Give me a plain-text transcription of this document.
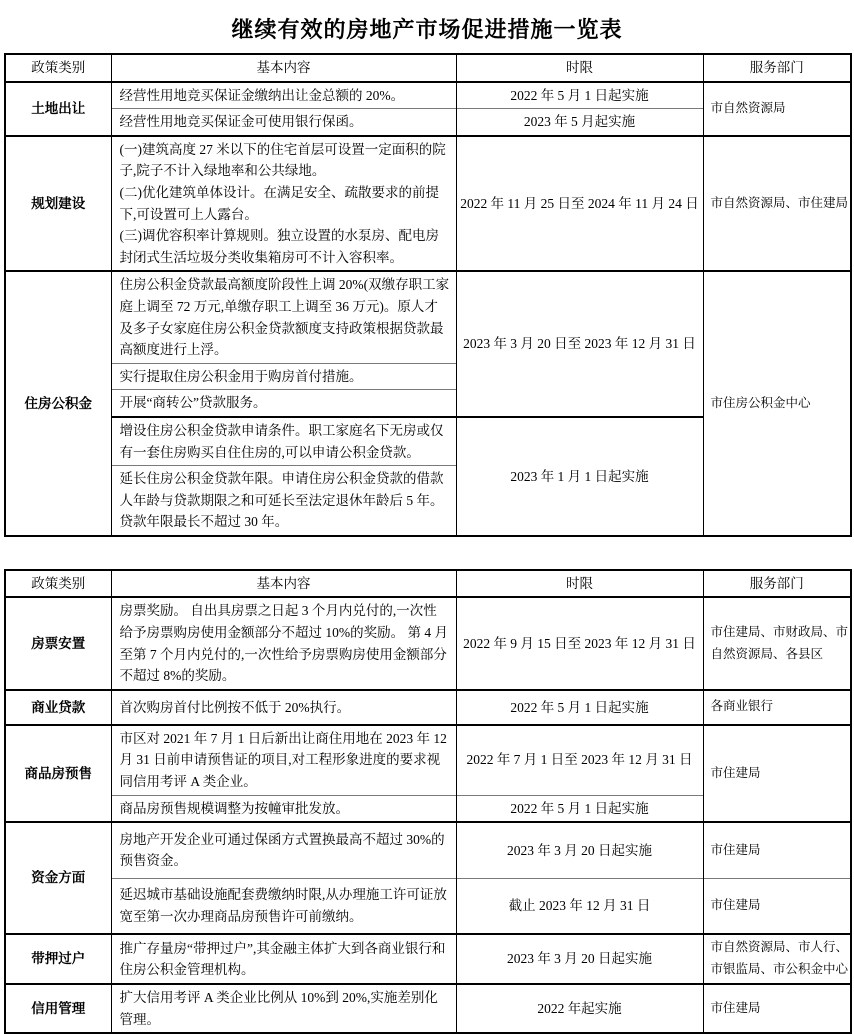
继续有效的房地产市场促进措施一览表
政策类别	基本内容	时限	服务部门
土地出让	经营性用地竞买保证金缴纳出让金总额的 20%。	2022 年 5 月 1 日起实施	市自然资源局
	经营性用地竞买保证金可使用银行保函。	2023 年 5 月起实施	
规划建设	(一)建筑高度 27 米以下的住宅首层可设置一定面积的院子,院子不计入绿地率和公共绿地。
(二)优化建筑单体设计。在满足安全、疏散要求的前提下,可设置可上人露台。
(三)调优容积率计算规则。独立设置的水泵房、配电房封闭式生活垃圾分类收集箱房可不计入容积率。	2022 年 11 月 25 日至 2024 年 11 月 24 日	市自然资源局、市住建局
住房公积金	住房公积金贷款最高额度阶段性上调 20%(双缴存职工家庭上调至 72 万元,单缴存职工上调至 36 万元)。原人才及多子女家庭住房公积金贷款额度支持政策根据贷款最高额度进行上浮。	2023 年 3 月 20 日至 2023 年 12 月 31 日	市住房公积金中心
	实行提取住房公积金用于购房首付措施。		
	开展“商转公”贷款服务。		
	增设住房公积金贷款申请条件。职工家庭名下无房或仅有一套住房购买自住住房的,可以申请公积金贷款。	2023 年 1 月 1 日起实施	
	延长住房公积金贷款年限。申请住房公积金贷款的借款人年龄与贷款期限之和可延长至法定退休年龄后 5 年。贷款年限最长不超过 30 年。		
政策类别	基本内容	时限	服务部门
房票安置	房票奖励。 自出具房票之日起 3 个月内兑付的,一次性给予房票购房使用金额部分不超过 10%的奖励。 第 4 月至第 7 个月内兑付的,一次性给予房票购房使用金额部分不超过 8%的奖励。	2022 年 9 月 15 日至 2023 年 12 月 31 日	市住建局、市财政局、市自然资源局、各县区
商业贷款	首次购房首付比例按不低于 20%执行。	2022 年 5 月 1 日起实施	各商业银行
商品房预售	市区对 2021 年 7 月 1 日后新出让商住用地在 2023 年 12 月 31 日前申请预售证的项目,对工程形象进度的要求视同信用考评 A 类企业。	2022 年 7 月 1 日至 2023 年 12 月 31 日	市住建局
	商品房预售规模调整为按幢审批发放。	2022 年 5 月 1 日起实施	
资金方面	房地产开发企业可通过保函方式置换最高不超过 30%的预售资金。	2023 年 3 月 20 日起实施	市住建局
	延迟城市基础设施配套费缴纳时限,从办理施工许可证放宽至第一次办理商品房预售许可前缴纳。	截止 2023 年 12 月 31 日	市住建局
带押过户	推广存量房“带押过户”,其金融主体扩大到各商业银行和住房公积金管理机构。	2023 年 3 月 20 日起实施	市自然资源局、市人行、市银监局、市公积金中心
信用管理	扩大信用考评 A 类企业比例从 10%到 20%,实施差别化管理。	2022 年起实施	市住建局
